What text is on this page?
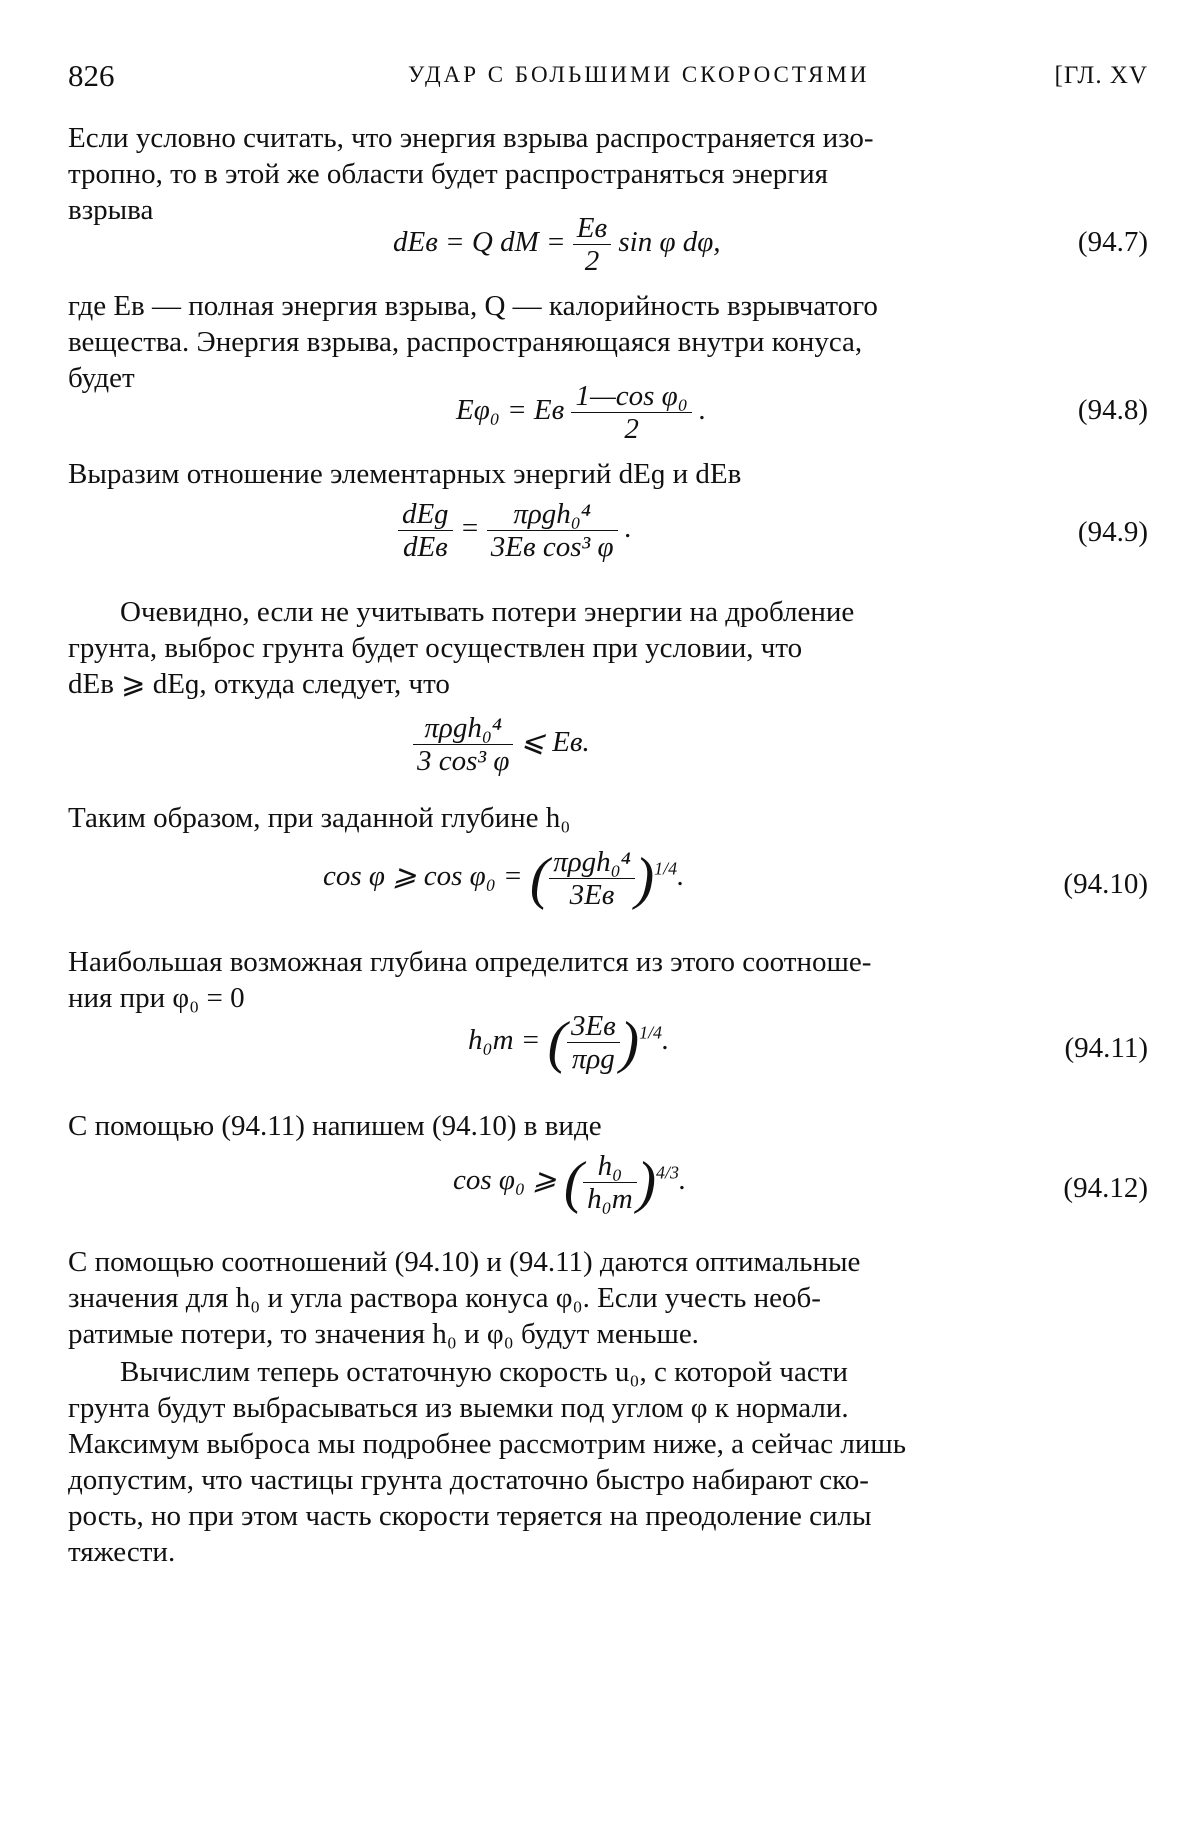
826	УДАР С БОЛЬШИМИ СКОРОСТЯМИ	[ГЛ. XV
Если условно считать, что энергия взрыва распространяется изо-
тропно, то в этой же области будет распространяться энергия
взрыва
dEв = Q dM = $\frac{Eв}{2}$ sin φ dφ,	(94.7)
где Eв — полная энергия взрыва, Q — калорийность взрывчатого
вещества. Энергия взрыва, распространяющаяся внутри конуса,
будет
Eφ₀ = Eв $\frac{\text{1—cos φ₀}}{2}$ .	(94.8)
Выразим отношение элементарных энергий dEɡ и dEв
$\frac{\text{dEɡ}}{\text{dEв}} = \frac{\text{πρgh₀⁴}}{\text{3Eв cos³ φ}}$ .	(94.9)
Очевидно, если не учитывать потери энергии на дробление
грунта, выброс грунта будет осуществлен при условии, что
dEв ⩾ dEɡ, откуда следует, что
$\frac{\text{πρgh₀⁴}}{\text{3 cos³ φ}}$ ⩽ Eв.
Таким образом, при заданной глубине h₀
cos φ ⩾ cos φ₀ = ( $\frac{\text{πρgh₀⁴}}{3Eв} )^{1/4}$.	(94.10)
Наибольшая возможная глубина определится из этого соотноше-
ния при φ₀ = 0
h₀m = ( $\frac{3Eв}{\text{πρg}} )^{1/4}$.	(94.11)
С помощью (94.11) напишем (94.10) в виде
cos φ₀ ⩾ ( $\frac{\text{h₀}}{\text{h₀m}} )^{4/3}$.	(94.12)
С помощью соотношений (94.10) и (94.11) даются оптимальные
значения для h₀ и угла раствора конуса φ₀. Если учесть необ-
ратимые потери, то значения h₀ и φ₀ будут меньше.
Вычислим теперь остаточную скорость u₀, с которой части
грунта будут выбрасываться из выемки под углом φ к нормали.
Максимум выброса мы подробнее рассмотрим ниже, а сейчас лишь
допустим, что частицы грунта достаточно быстро набирают ско-
рость, но при этом часть скорости теряется на преодоление силы
тяжести.
